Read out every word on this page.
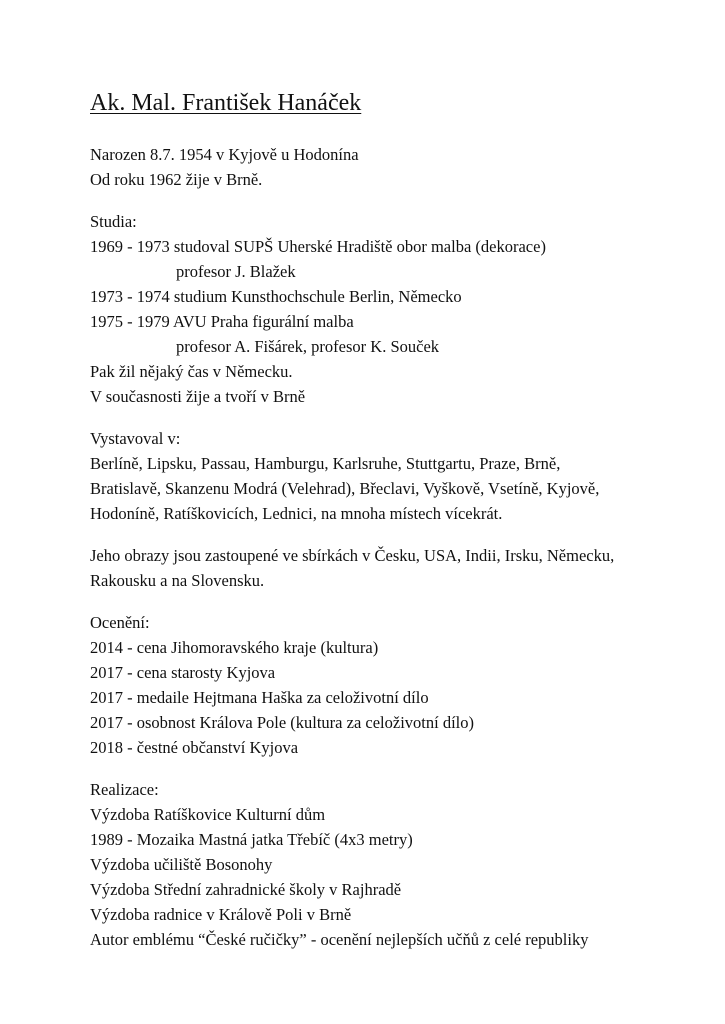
Ak. Mal. František Hanáček
Narozen 8.7. 1954 v Kyjově u Hodonína
Od roku 1962 žije v Brně.
Studia:
1969 - 1973 studoval SUPŠ Uherské Hradiště obor malba (dekorace)
profesor J. Blažek
1973 - 1974 studium Kunsthochschule Berlin, Německo
1975 - 1979 AVU Praha figurální malba
profesor A. Fišárek, profesor K. Souček
Pak žil nějaký čas v Německu.
V současnosti žije a tvoří v Brně
Vystavoval v:
Berlíně, Lipsku, Passau, Hamburgu, Karlsruhe, Stuttgartu, Praze, Brně,
Bratislavě, Skanzenu Modrá (Velehrad), Břeclavi, Vyškově, Vsetíně, Kyjově,
Hodoníně, Ratíškovicích, Lednici, na mnoha místech vícekrát.
Jeho obrazy jsou zastoupené ve sbírkách v Česku, USA, Indii, Irsku, Německu,
Rakousku a na Slovensku.
Ocenění:
2014 - cena Jihomoravského kraje (kultura)
2017 - cena starosty Kyjova
2017 - medaile Hejtmana Haška za celoživotní dílo
2017 - osobnost Králova Pole (kultura za celoživotní dílo)
2018 - čestné občanství Kyjova
Realizace:
Výzdoba Ratíškovice Kulturní dům
1989 - Mozaika Mastná jatka Třebíč (4x3 metry)
Výzdoba učiliště Bosonohy
Výzdoba Střední zahradnické školy v Rajhradě
Výzdoba radnice v Králově Poli v Brně
Autor emblému “České ručičky” - ocenění nejlepších učňů z celé republiky
